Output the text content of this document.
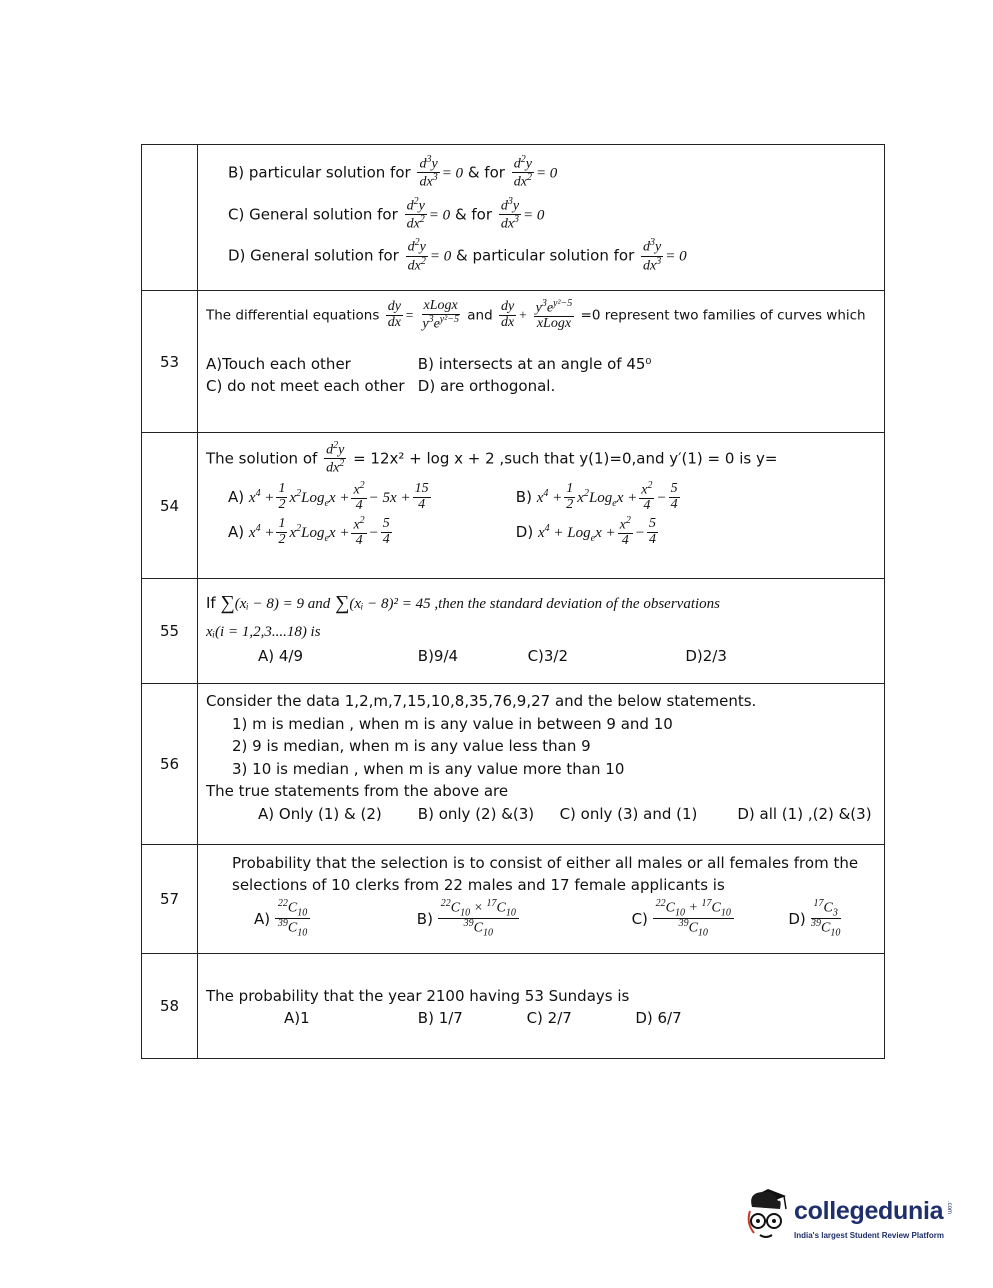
B) particular solution for $\frac{d^3y}{dx^3} = 0$ & for $\frac{d^2y}{dx^2} = 0$
C) General solution for $\frac{d^2y}{dx^2} = 0$ & for $\frac{d^3y}{dx^3} = 0$
D) General solution for $\frac{d^2y}{dx^2} = 0$ & particular solution for $\frac{d^3y}{dx^3} = 0$
53
The differential equations $\frac{dy}{dx} = \frac{\text{xLogx}}{y^3e^{y^2-5}}$ and $\frac{dy}{dx} + \frac{y^3e^{y^2-5}}{\text{xLogx}} =0$ represent two families of curves which
A)Touch each other	B) intersects at an angle of 45⁰
C) do not meet each other D) are orthogonal.
54
The solution of $\frac{d^2y}{dx^2} = 12x^2 + \log x + 2$ ,such that y(1)=0,and y′(1) = 0 is y=
A) $x^4 + \frac{1}{2} x^2Log_ex + \frac{x^2}{4} - 5x + \frac{15}{4}$	B) $x^4 + \frac{1}{2} x^2Log_ex + \frac{x^2}{4} - \frac{5}{4}$
A) $x^4 + \frac{1}{2} x^2Log_ex + \frac{x^2}{4} - \frac{5}{4}$	D) $x^4 + Log_ex + \frac{x^2}{4} - \frac{5}{4}$
55
If ∑(xᵢ − 8) = 9 and ∑(xᵢ − 8)² = 45 ,then the standard deviation of the observations
xᵢ(i = 1,2,3....18) is
A) 4/9	B)9/4	C)3/2	D)2/3
56
Consider the data 1,2,m,7,15,10,8,35,76,9,27 and the below statements.
1) m is median , when m is any value in between 9 and 10
2) 9 is median, when m is any value less than 9
3) 10 is median , when m is any value more than 10
The true statements from the above are
A) Only (1) & (2) B) only (2) &(3) C) only (3) and (1)	D) all (1) ,(2) &(3)
57
Probability that the selection is to consist of either all males or all females from the
selections of 10 clerks from 22 males and 17 female applicants is
$A) \frac{^{22}C_{10}}{^{39}C_{10}}$	$B) \frac{^{22}C_{10} \times ^{17}C_{10}}{^{39}C_{10}}$	$C) \frac{^{22}C_{10} + ^{17}C_{10}}{^{39}C_{10}}$	$D) \frac{^{17}C_3}{^{39}C_{10}}$
58
The probability that the year 2100 having 53 Sundays is
A)1	B) 1/7	C) 2/7	D) 6/7
collegedunia .com
India's largest Student Review Platform
